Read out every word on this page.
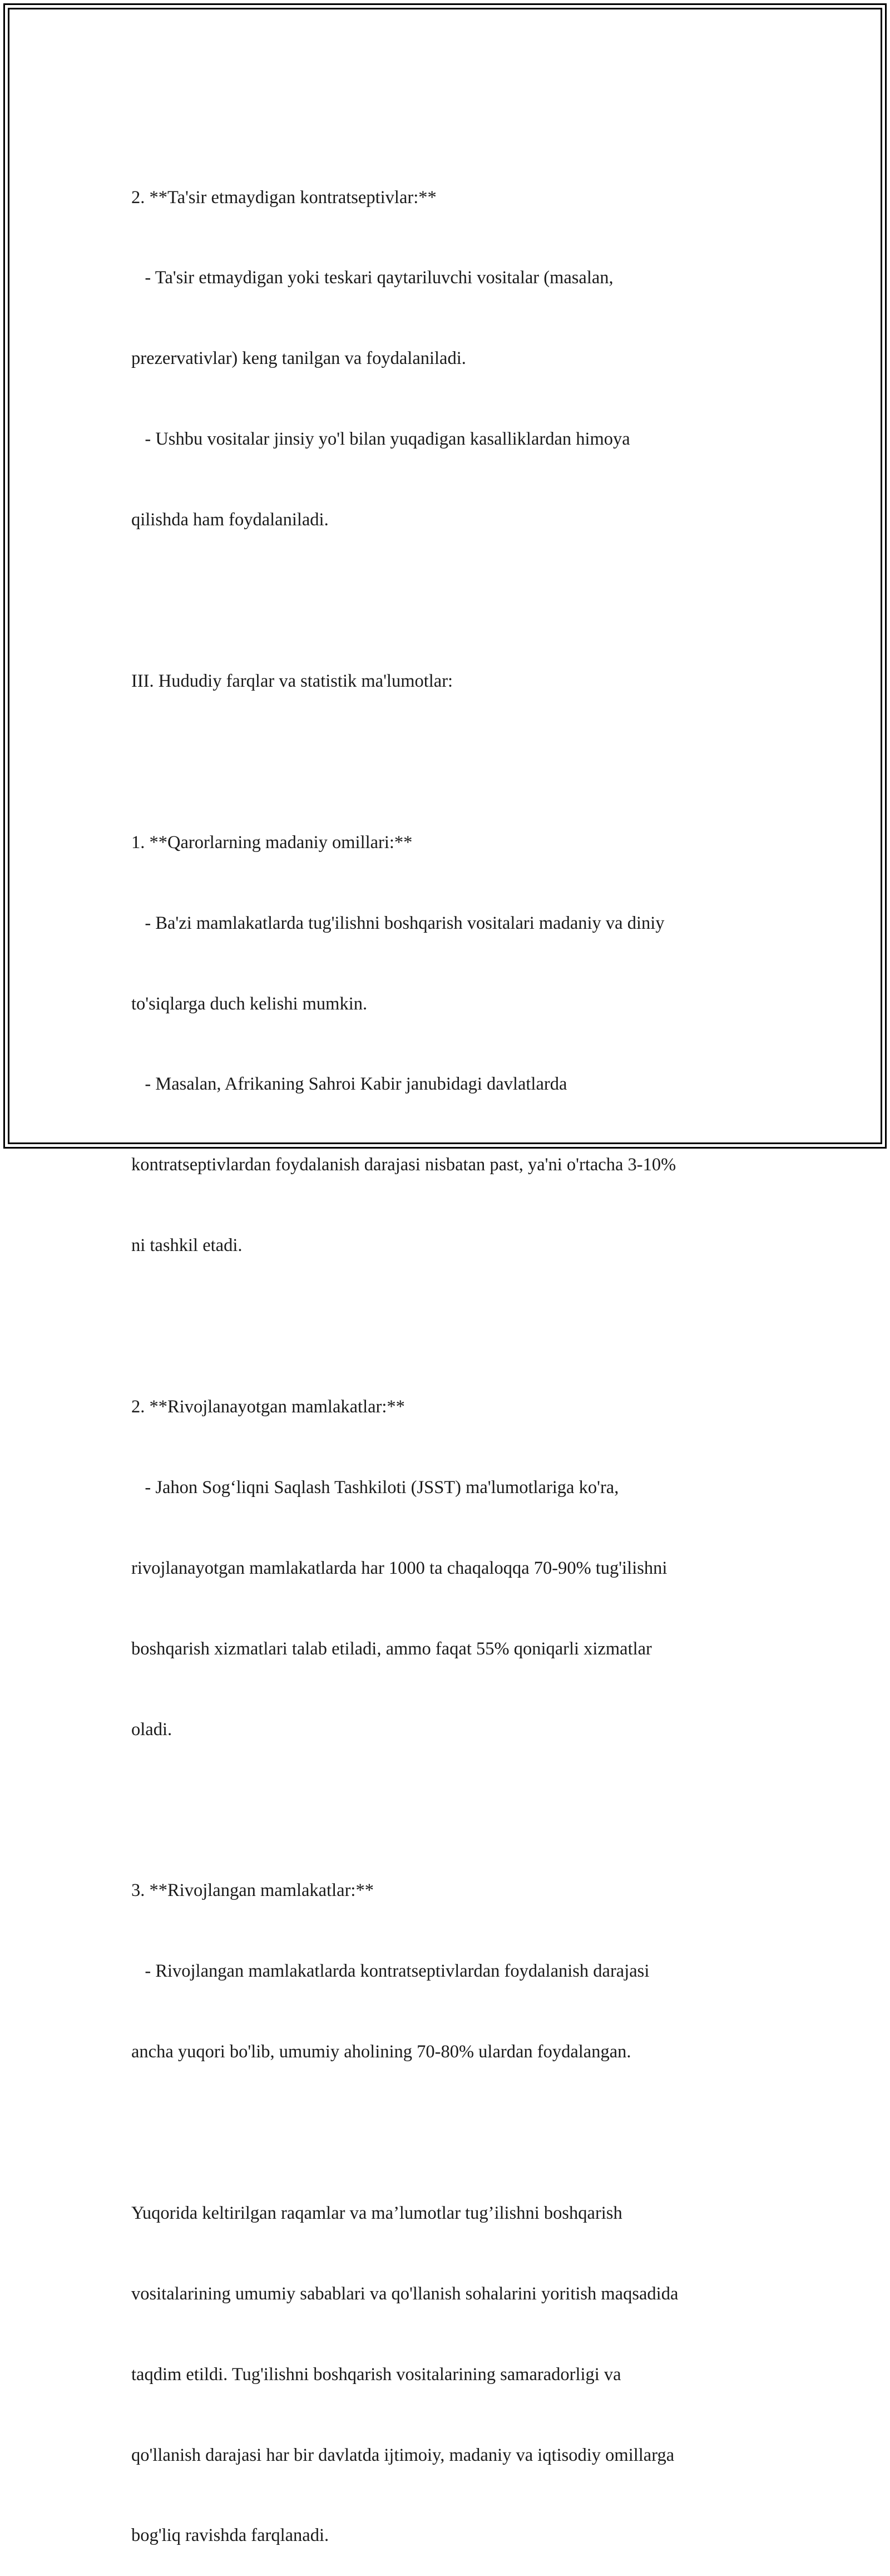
2. **Ta'sir etmaydigan kontratseptivlar:**

- Ta'sir etmaydigan yoki teskari qaytariluvchi vositalar (masalan,

prezervativlar) keng tanilgan va foydalaniladi.

- Ushbu vositalar jinsiy yo'l bilan yuqadigan kasalliklardan himoya

qilishda ham foydalaniladi.

III. Hududiy farqlar va statistik ma'lumotlar:

1. **Qarorlarning madaniy omillari:**

- Ba'zi mamlakatlarda tug'ilishni boshqarish vositalari madaniy va diniy

to'siqlarga duch kelishi mumkin.

- Masalan, Afrikaning Sahroi Kabir janubidagi davlatlarda

kontratseptivlardan foydalanish darajasi nisbatan past, ya'ni o'rtacha 3-10%

ni tashkil etadi.

2. **Rivojlanayotgan mamlakatlar:**

- Jahon Sog‘liqni Saqlash Tashkiloti (JSST) ma'lumotlariga ko'ra,

rivojlanayotgan mamlakatlarda har 1000 ta chaqaloqqa 70-90% tug'ilishni

boshqarish xizmatlari talab etiladi, ammo faqat 55% qoniqarli xizmatlar

oladi.

3. **Rivojlangan mamlakatlar:**

- Rivojlangan mamlakatlarda kontratseptivlardan foydalanish darajasi

ancha yuqori bo'lib, umumiy aholining 70-80% ulardan foydalangan.

Yuqorida keltirilgan raqamlar va ma’lumotlar tug’ilishni boshqarish

vositalarining umumiy sabablari va qo'llanish sohalarini yoritish maqsadida

taqdim etildi. Tug'ilishni boshqarish vositalarining samaradorligi va

qo'llanish darajasi har bir davlatda ijtimoiy, madaniy va iqtisodiy omillarga

bog'liq ravishda farqlanadi.
